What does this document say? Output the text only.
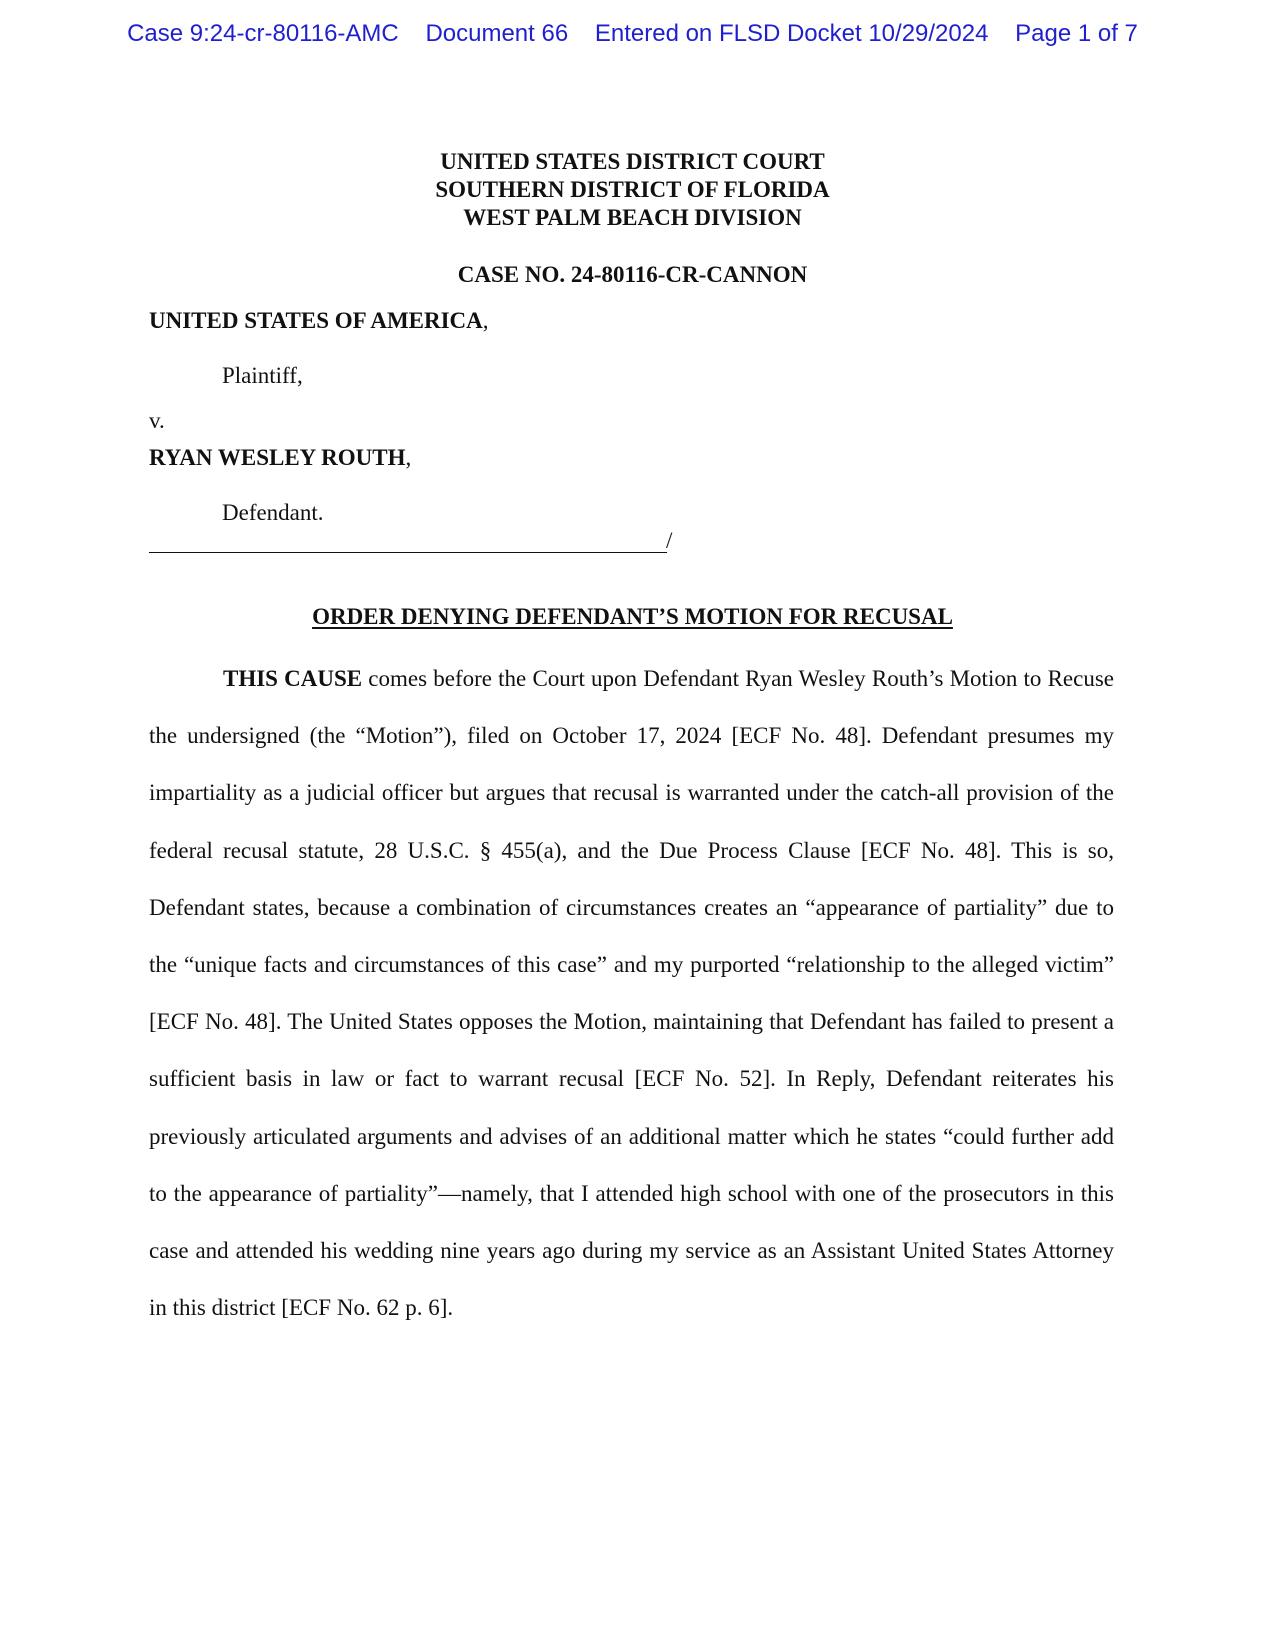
Case 9:24-cr-80116-AMC Document 66 Entered on FLSD Docket 10/29/2024 Page 1 of 7
UNITED STATES DISTRICT COURT
SOUTHERN DISTRICT OF FLORIDA
WEST PALM BEACH DIVISION
CASE NO. 24-80116-CR-CANNON
UNITED STATES OF AMERICA,
Plaintiff,
v.
RYAN WESLEY ROUTH,
Defendant.
/
ORDER DENYING DEFENDANT’S MOTION FOR RECUSAL

THIS CAUSE comes before the Court upon Defendant Ryan Wesley Routh’s Motion to Recuse the undersigned (the “Motion”), filed on October 17, 2024 [ECF No. 48]. Defendant presumes my impartiality as a judicial officer but argues that recusal is warranted under the catch-all provision of the federal recusal statute, 28 U.S.C. § 455(a), and the Due Process Clause [ECF No. 48]. This is so, Defendant states, because a combination of circumstances creates an “appearance of partiality” due to the “unique facts and circumstances of this case” and my purported “relationship to the alleged victim” [ECF No. 48]. The United States opposes the Motion, maintaining that Defendant has failed to present a sufficient basis in law or fact to warrant recusal [ECF No. 52]. In Reply, Defendant reiterates his previously articulated arguments and advises of an additional matter which he states “could further add to the appearance of partiality”—namely, that I attended high school with one of the prosecutors in this case and attended his wedding nine years ago during my service as an Assistant United States Attorney in this district [ECF No. 62 p. 6].
